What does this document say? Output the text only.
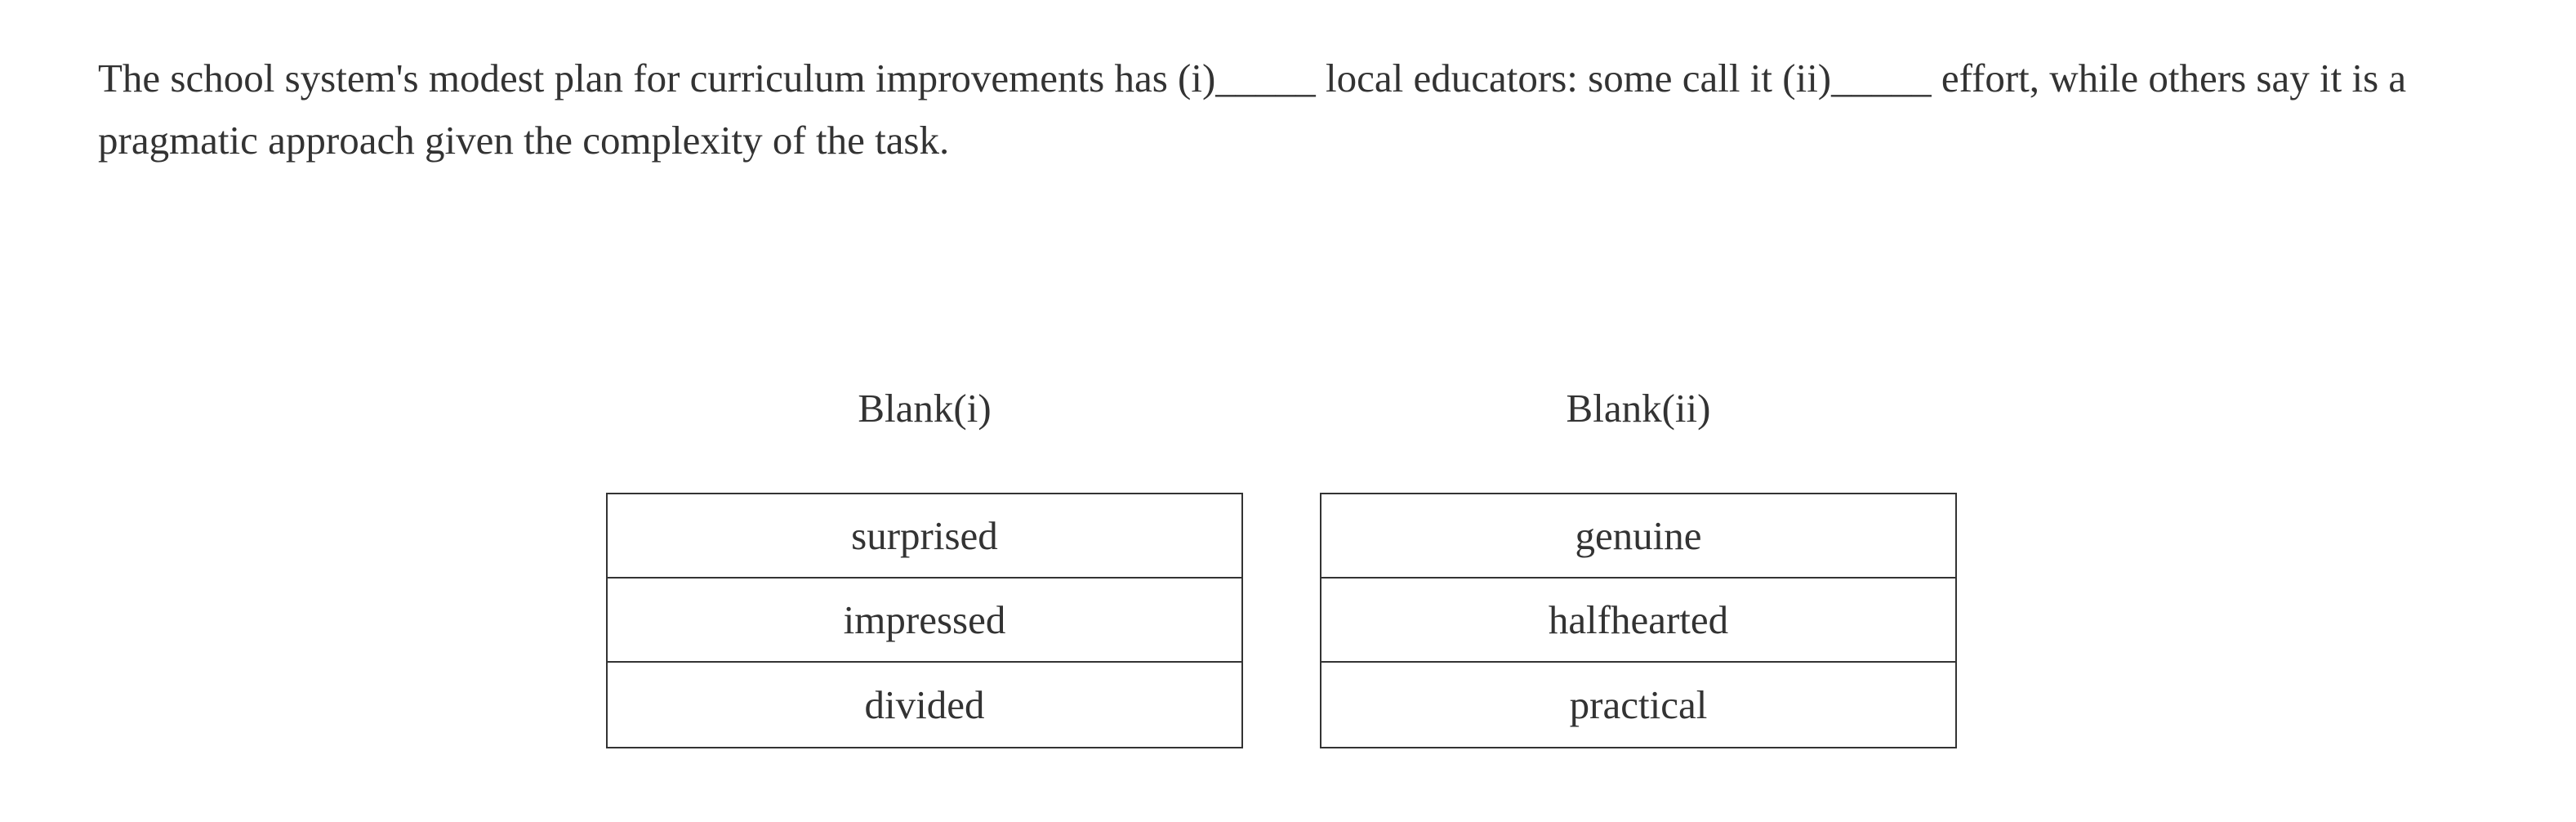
The school system's modest plan for curriculum improvements has (i)_____ local educators: some call it (ii)_____ effort, while others say it is a pragmatic approach given the complexity of the task.

Blank(i)
surprised
impressed
divided
Blank(ii)
genuine
halfhearted
practical
